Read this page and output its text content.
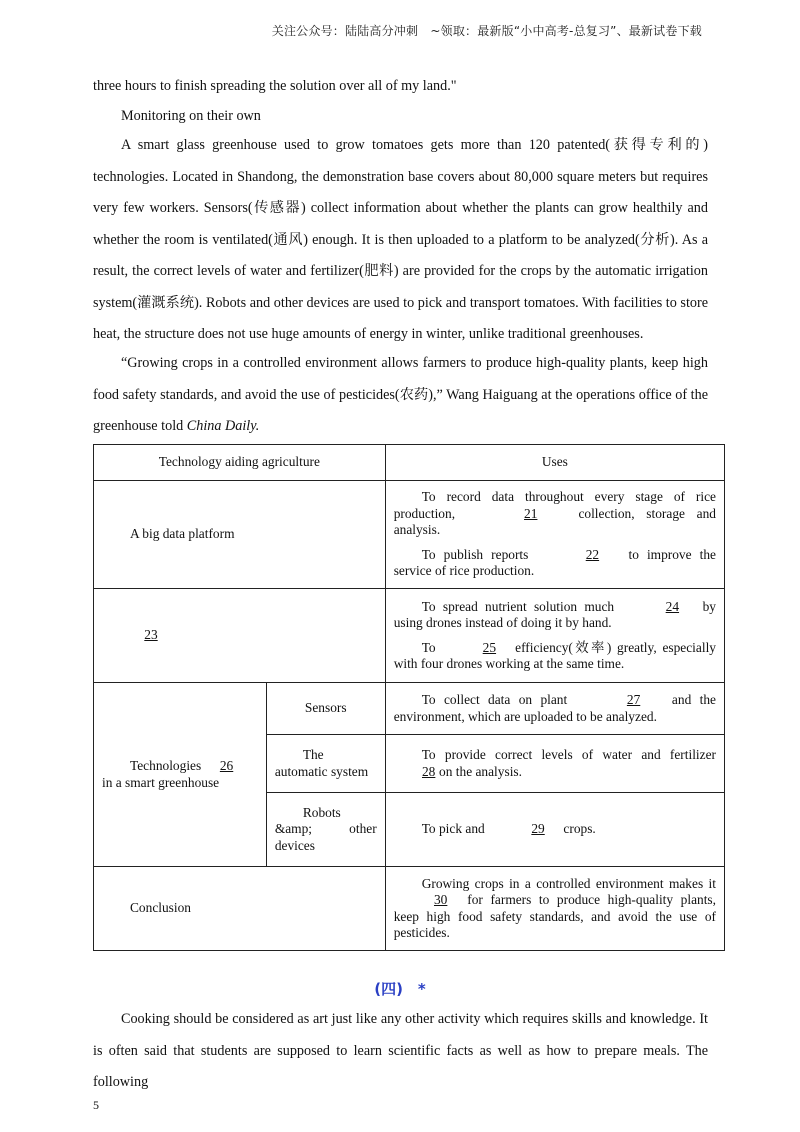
关注公众号：陆陆高分冲刺　~领取：最新版“小中高考-总复习”、最新试卷下载

three hours to finish spreading the solution over all of my land."

Monitoring on their own

A smart glass greenhouse used to grow tomatoes gets more than 120 patented(获得专利的) technologies. Located in Shandong, the demonstration base covers about 80,000 square meters but requires very few workers. Sensors(传感器) collect information about whether the plants can grow healthily and whether the room is ventilated(通风) enough. It is then uploaded to a platform to be analyzed(分析). As a result, the correct levels of water and fertilizer(肥料) are provided for the crops by the automatic irrigation system(灌溉系统). Robots and other devices are used to pick and transport tomatoes. With facilities to store heat, the structure does not use huge amounts of energy in winter, unlike traditional greenhouses.

“Growing crops in a controlled environment allows farmers to produce high-quality plants, keep high food safety standards, and avoid the use of pesticides(农药),” Wang Haiguang at the operations office of the greenhouse told China Daily.

Technology aiding agriculture		Uses
A big data platform		To record data throughout every stage of rice production, 21 collection, storage and analysis.

To publish reports 22 to improve the service of rice production.

23		To spread nutrient solution much 24 by using drones instead of doing it by hand.

To 25 efficiency(效率) greatly, especially with four drones working at the same time.

Technologies 26
in a smart greenhouse	Sensors	To collect data on plant 27 and the environment, which are uploaded to be analyzed.

	The
automatic system	To provide correct levels of water and fertilizer 28 on the analysis.

	Robots
&amp; other
devices	To pick and 29 crops.

Conclusion		Growing crops in a controlled environment makes it 30 for farmers to produce high-quality plants, keep high food safety standards, and avoid the use of pesticides.

(四)　*

Cooking should be considered as art just like any other activity which requires skills and knowledge. It is often said that students are supposed to learn scientific facts as well as how to prepare meals. The following

5
